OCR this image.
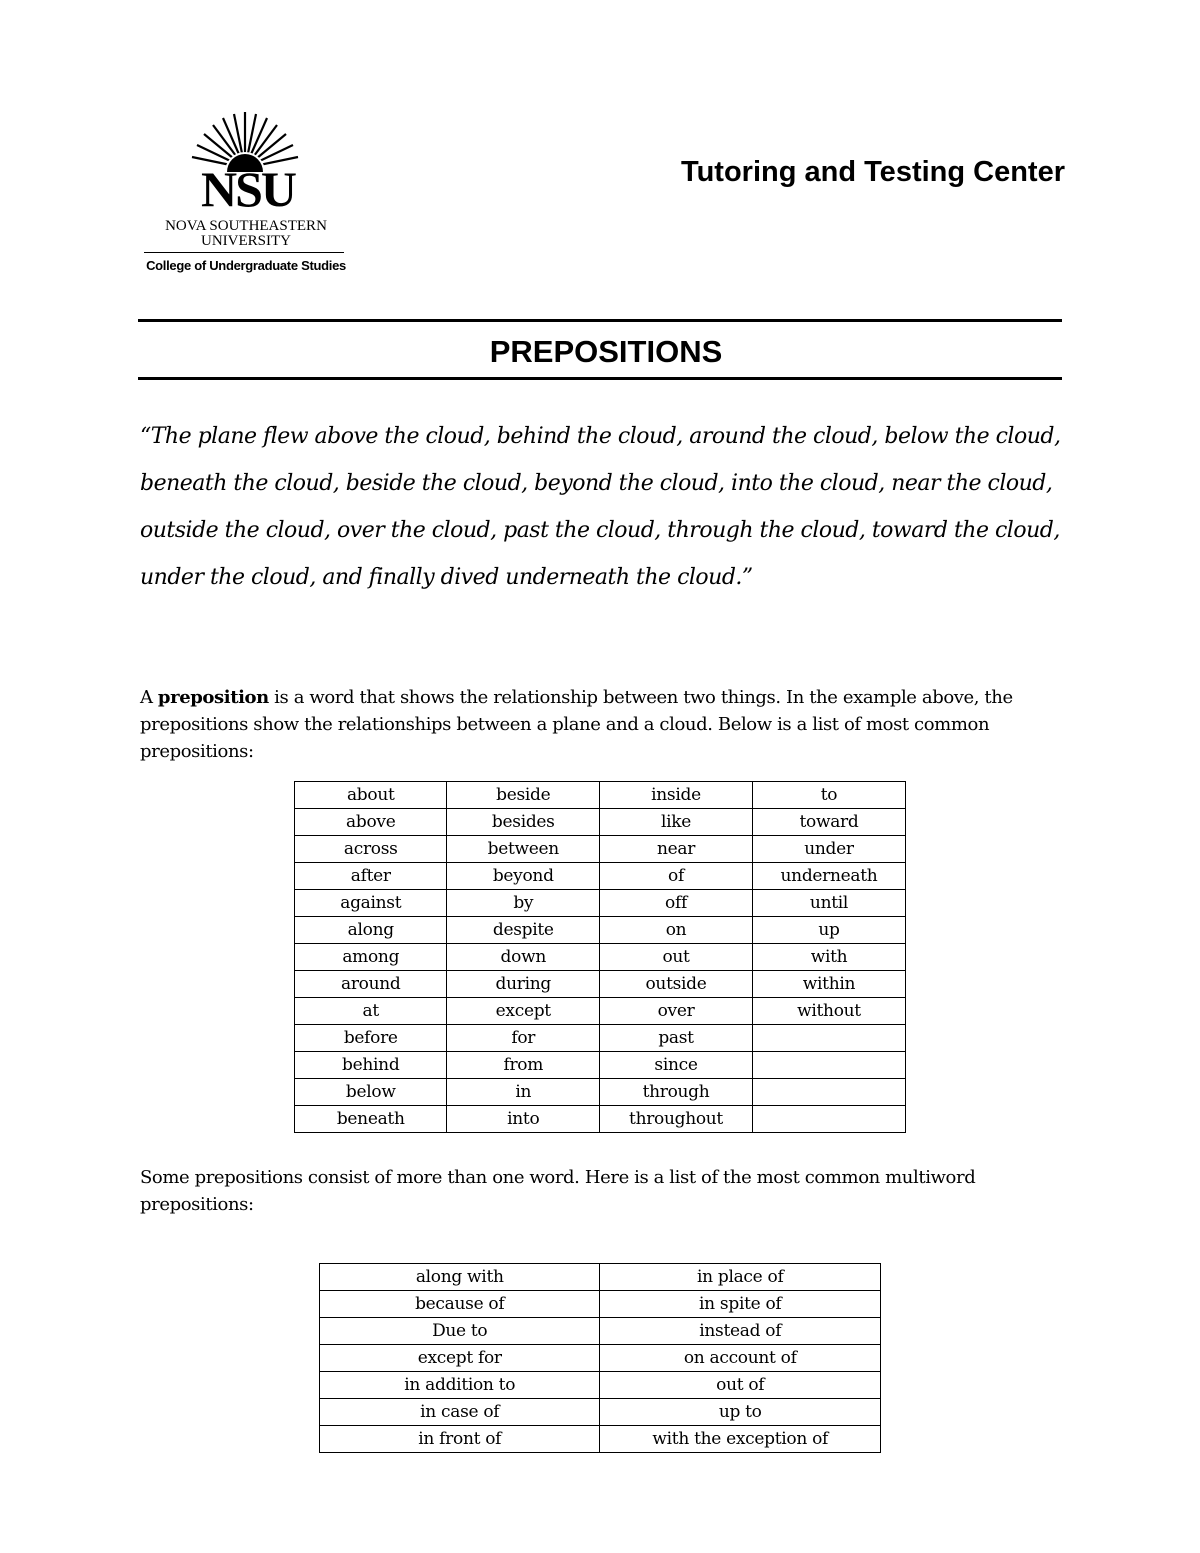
NSU
NOVA SOUTHEASTERN
UNIVERSITY
College of Undergraduate Studies
Tutoring and Testing Center
PREPOSITIONS
“The plane flew above the cloud, behind the cloud, around the cloud, below the cloud, beneath the cloud, beside the cloud, beyond the cloud, into the cloud, near the cloud, outside the cloud, over the cloud, past the cloud, through the cloud, toward the cloud, under the cloud, and finally dived underneath the cloud.”
A preposition is a word that shows the relationship between two things. In the example above, the prepositions show the relationships between a plane and a cloud. Below is a list of most common prepositions:
about	beside	inside	to
above	besides	like	toward
across	between	near	under
after	beyond	of	underneath
against	by	off	until
along	despite	on	up
among	down	out	with
around	during	outside	within
at	except	over	without
before	for	past	
behind	from	since	
below	in	through	
beneath	into	throughout	
Some prepositions consist of more than one word. Here is a list of the most common multiword prepositions:
along with	in place of
because of	in spite of
Due to	instead of
except for	on account of
in addition to	out of
in case of	up to
in front of	with the exception of
